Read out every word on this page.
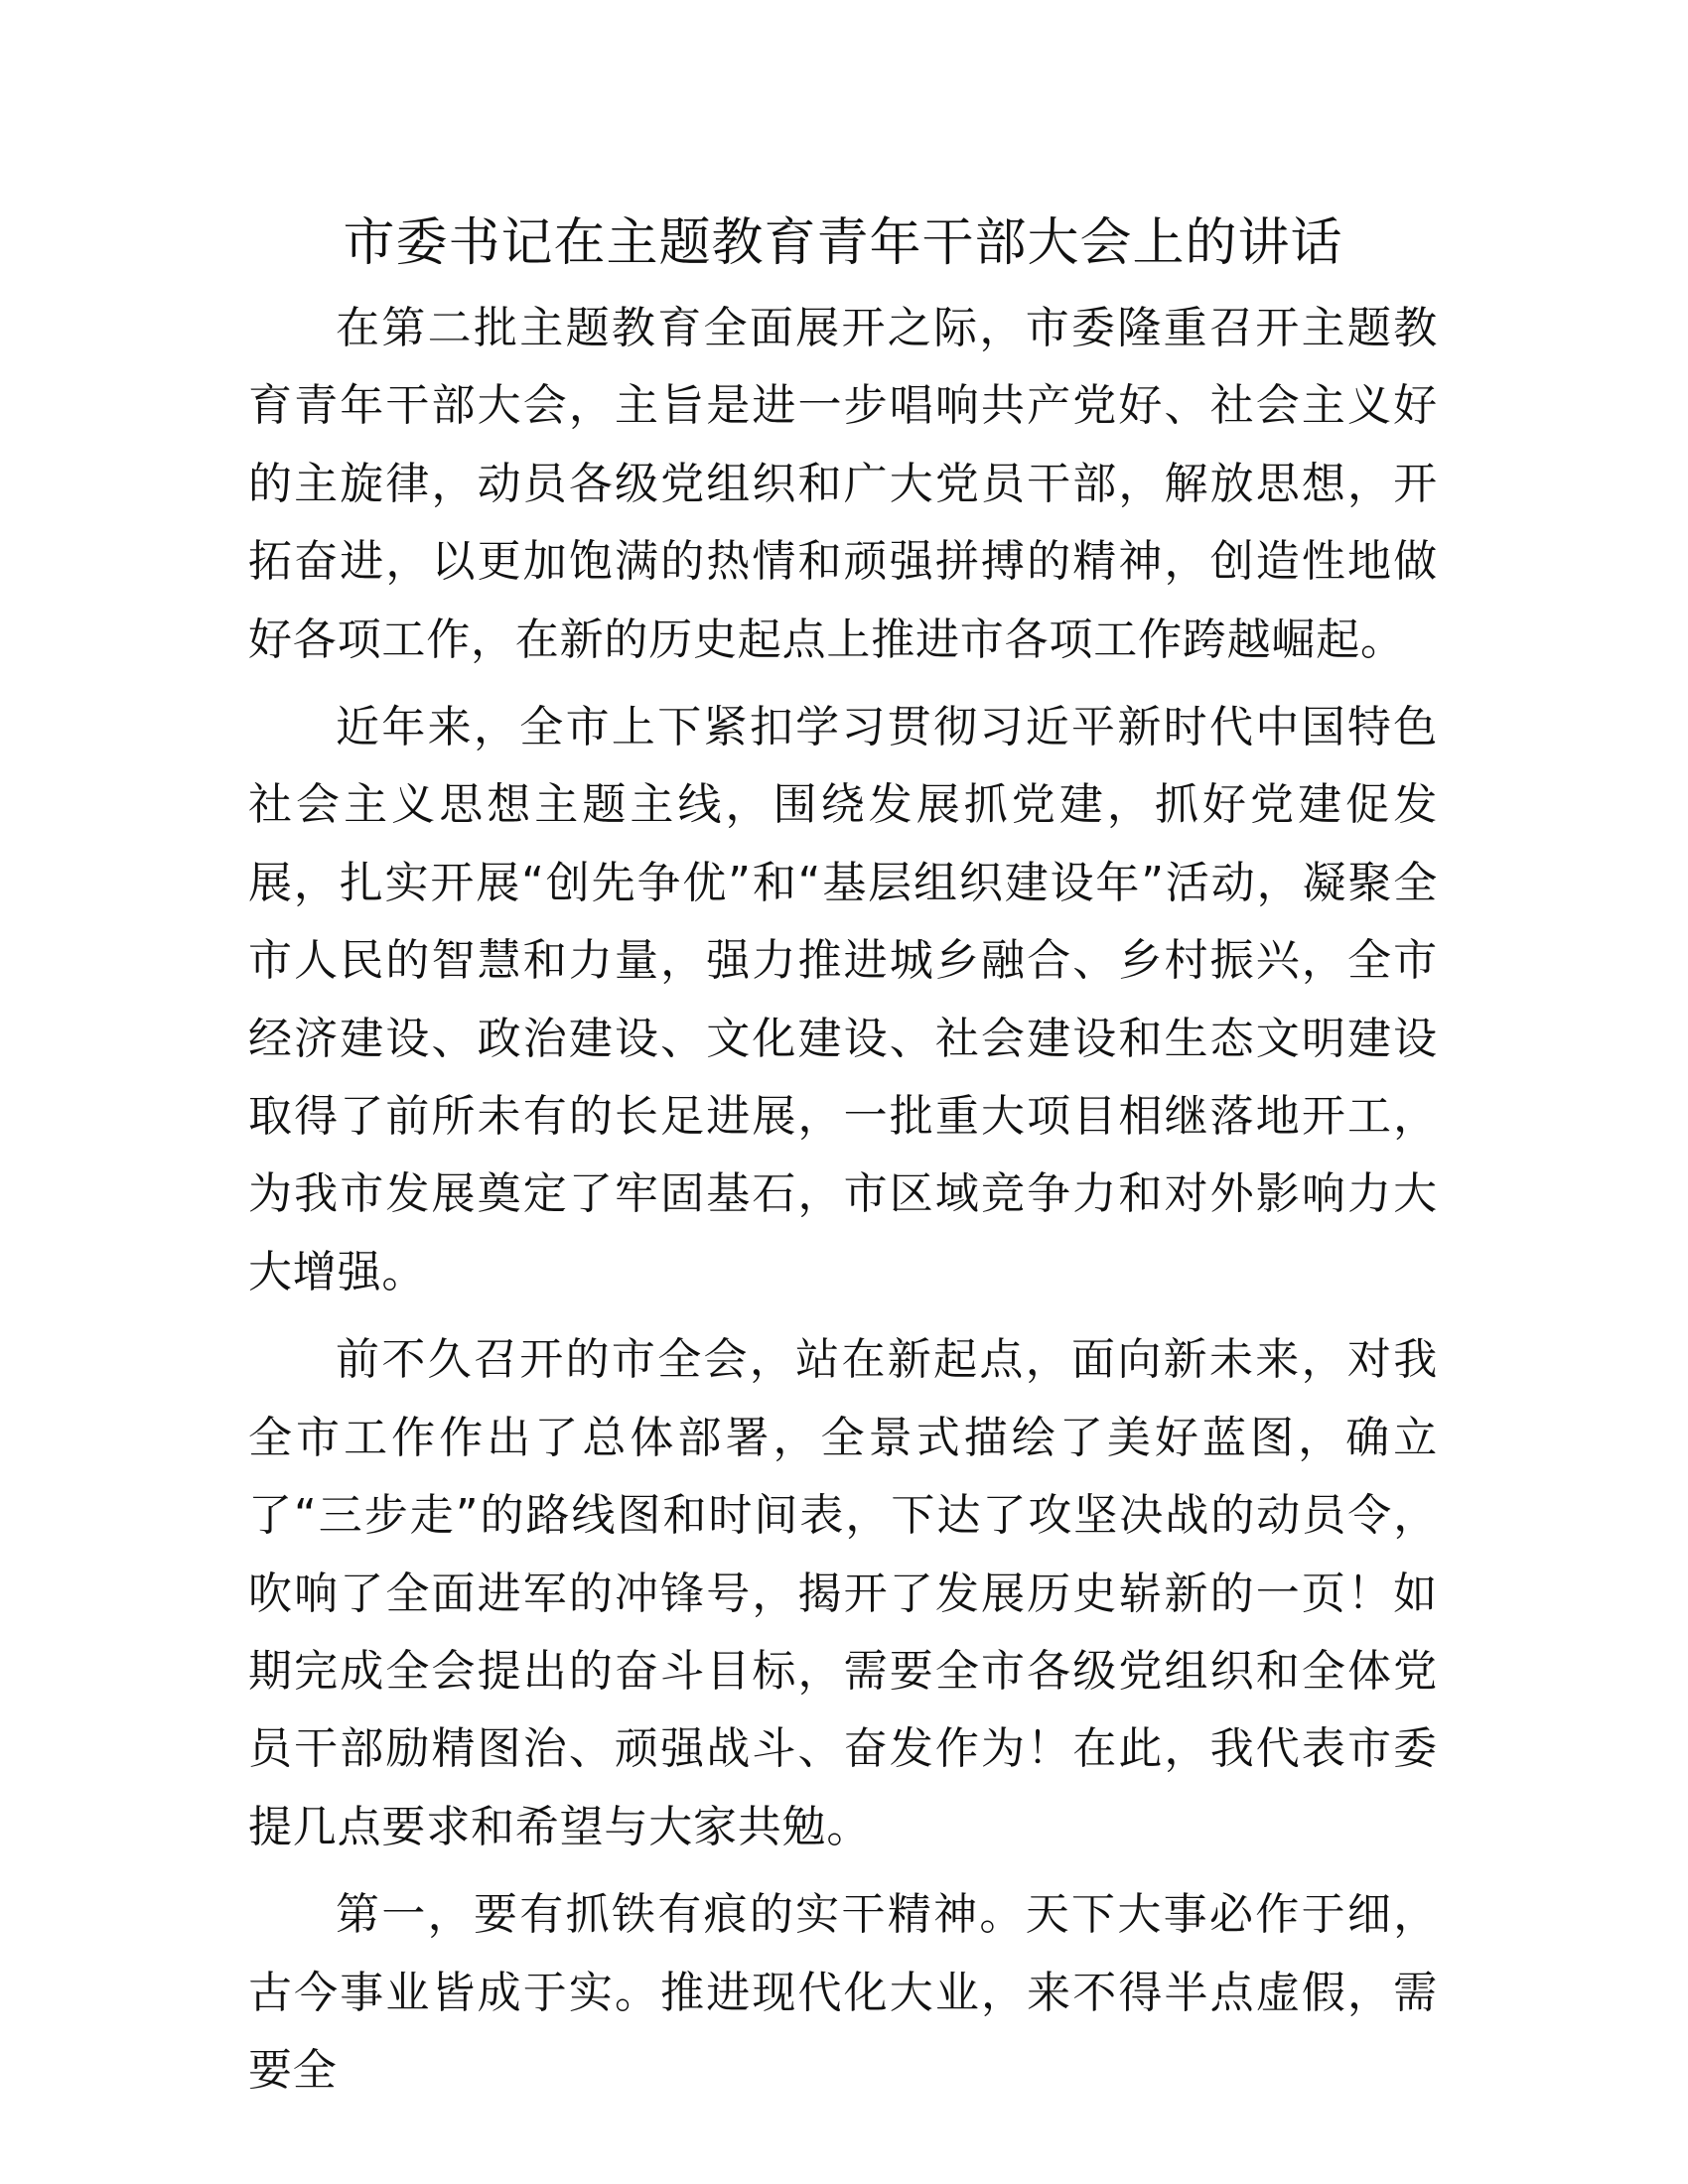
市委书记在主题教育青年干部大会上的讲话

在第二批主题教育全面展开之际，市委隆重召开主题教育青年干部大会，主旨是进一步唱响共产党好、社会主义好的主旋律，动员各级党组织和广大党员干部，解放思想，开拓奋进，以更加饱满的热情和顽强拼搏的精神，创造性地做好各项工作，在新的历史起点上推进市各项工作跨越崛起。

近年来，全市上下紧扣学习贯彻习近平新时代中国特色社会主义思想主题主线，围绕发展抓党建，抓好党建促发展，扎实开展“创先争优”和“基层组织建设年”活动，凝聚全市人民的智慧和力量，强力推进城乡融合、乡村振兴，全市经济建设、政治建设、文化建设、社会建设和生态文明建设取得了前所未有的长足进展，一批重大项目相继落地开工，为我市发展奠定了牢固基石，市区域竞争力和对外影响力大大增强。

前不久召开的市全会，站在新起点，面向新未来，对我全市工作作出了总体部署，全景式描绘了美好蓝图，确立了“三步走”的路线图和时间表，下达了攻坚决战的动员令，吹响了全面进军的冲锋号，揭开了发展历史崭新的一页！如期完成全会提出的奋斗目标，需要全市各级党组织和全体党员干部励精图治、顽强战斗、奋发作为！在此，我代表市委提几点要求和希望与大家共勉。

第一，要有抓铁有痕的实干精神。天下大事必作于细，古今事业皆成于实。推进现代化大业，来不得半点虚假，需要全
